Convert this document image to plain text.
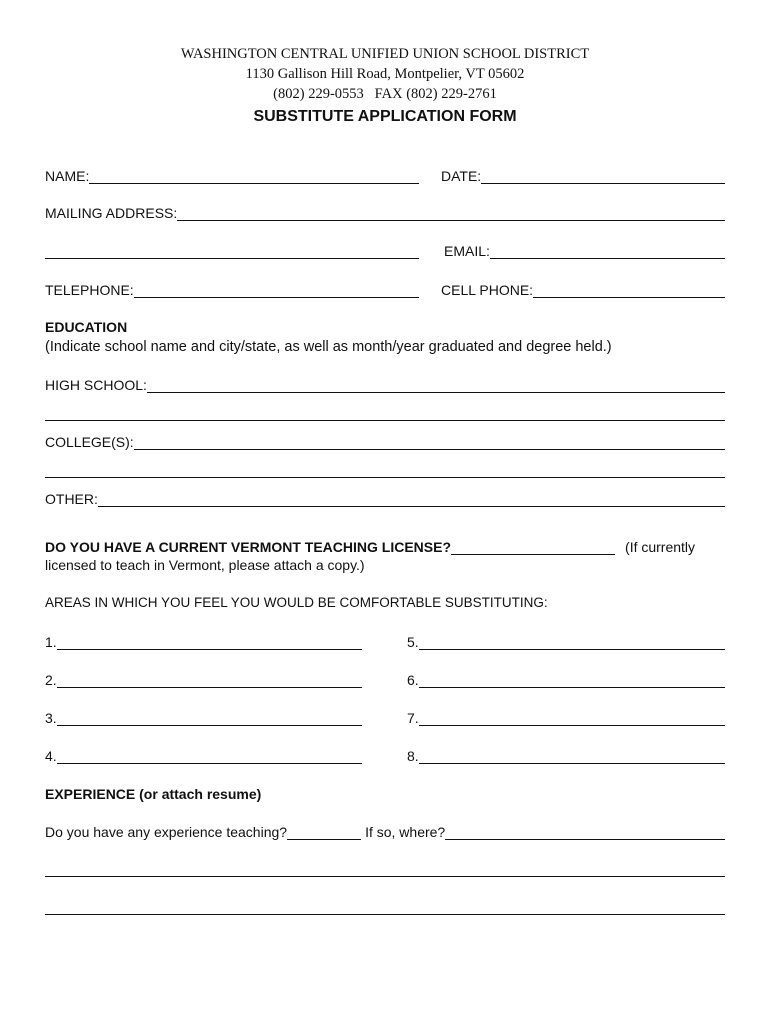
WASHINGTON CENTRAL UNIFIED UNION SCHOOL DISTRICT
1130 Gallison Hill Road, Montpelier, VT 05602
(802) 229-0553   FAX (802) 229-2761
SUBSTITUTE APPLICATION FORM
NAME:	DATE:
MAILING ADDRESS:
EMAIL:
TELEPHONE:	CELL PHONE:
EDUCATION
(Indicate school name and city/state, as well as month/year graduated and degree held.)
HIGH SCHOOL:
COLLEGE(S):
OTHER:
DO YOU HAVE A CURRENT VERMONT TEACHING LICENSE?	(If currently
licensed to teach in Vermont, please attach a copy.)
AREAS IN WHICH YOU FEEL YOU WOULD BE COMFORTABLE SUBSTITUTING:
1.
2.
3.
4.
5.
6.
7.
8.
EXPERIENCE (or attach resume)
Do you have any experience teaching?	If so, where?
